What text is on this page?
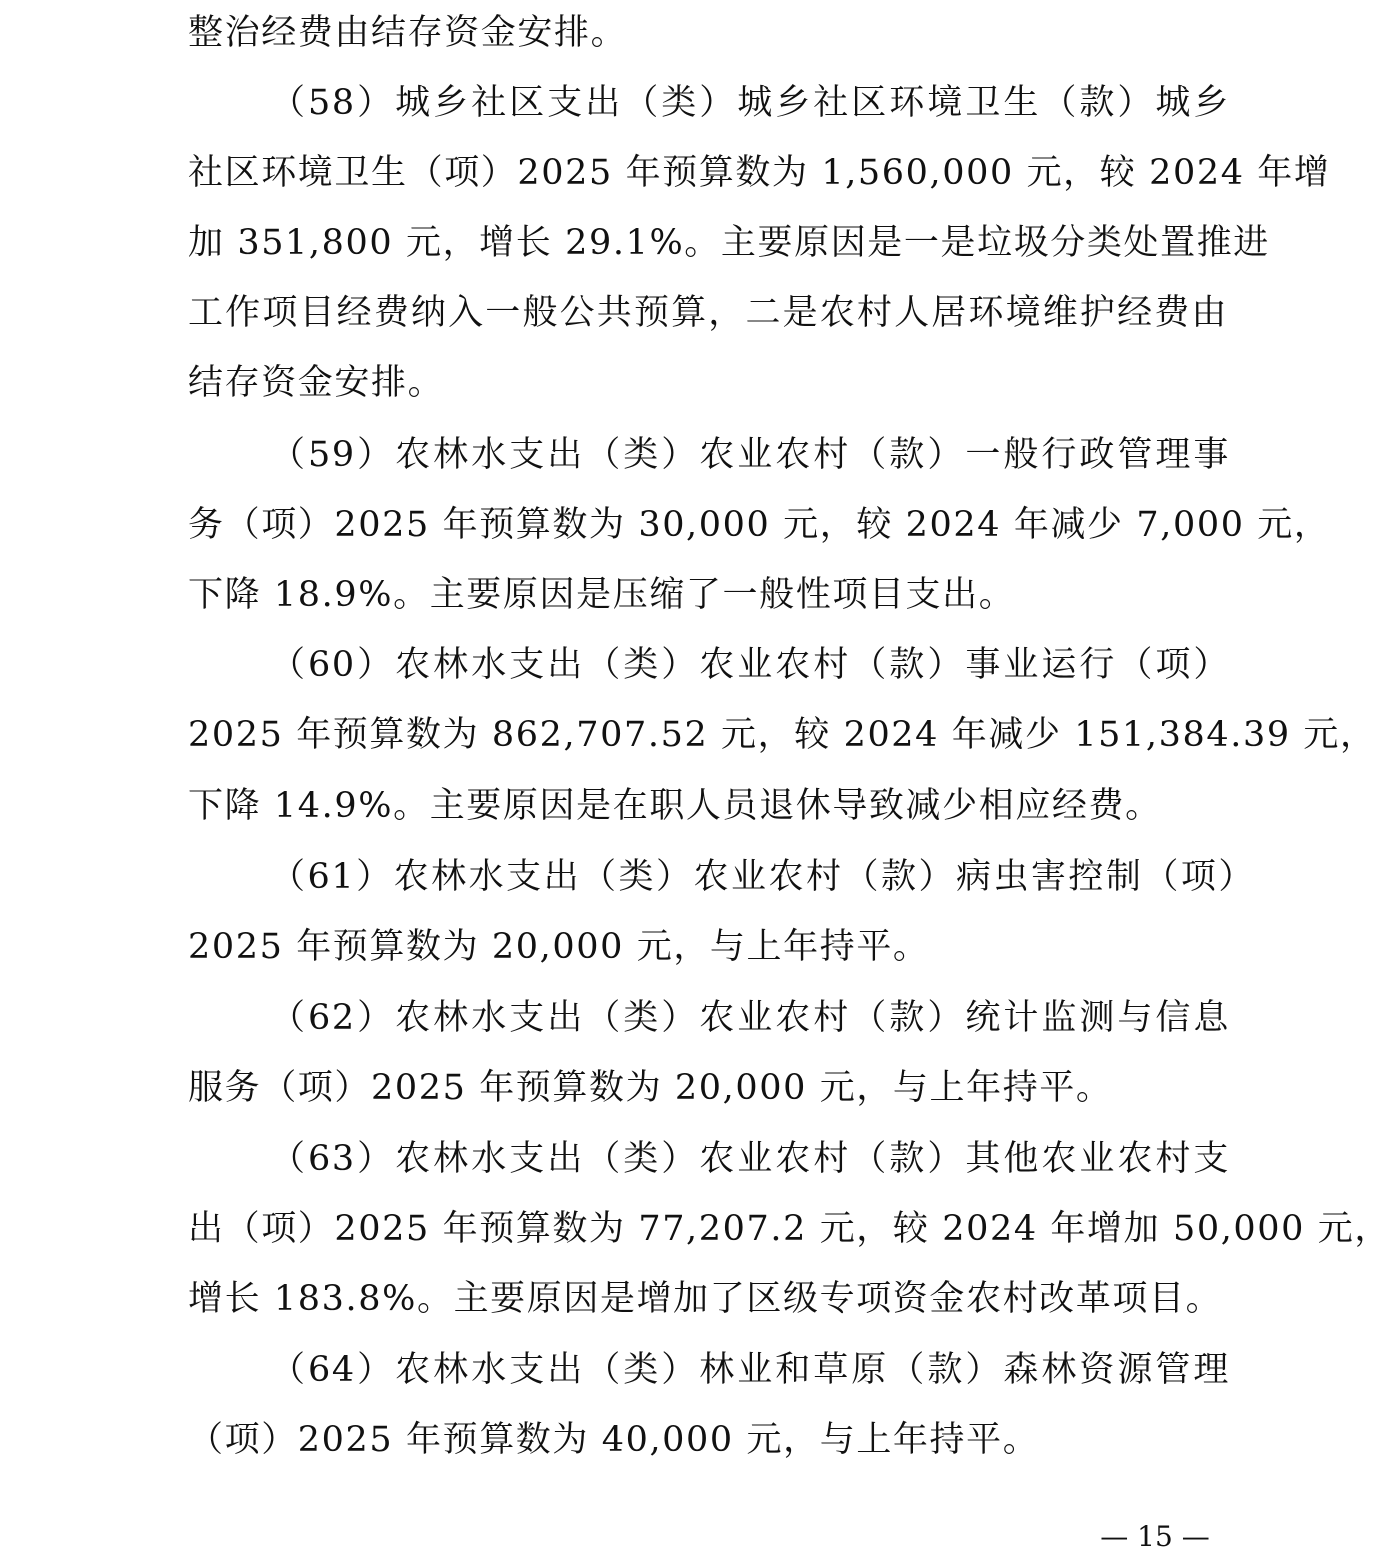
整治经费由结存资金安排。
（58）城乡社区支出（类）城乡社区环境卫生（款）城乡
社区环境卫生（项）2025 年预算数为 1,560,000 元，较 2024 年增
加 351,800 元，增长 29.1%。主要原因是一是垃圾分类处置推进
工作项目经费纳入一般公共预算，二是农村人居环境维护经费由
结存资金安排。
（59）农林水支出（类）农业农村（款）一般行政管理事
务（项）2025 年预算数为 30,000 元，较 2024 年减少 7,000 元，
下降 18.9%。主要原因是压缩了一般性项目支出。
（60）农林水支出（类）农业农村（款）事业运行（项）
2025 年预算数为 862,707.52 元，较 2024 年减少 151,384.39 元，
下降 14.9%。主要原因是在职人员退休导致减少相应经费。
（61）农林水支出（类）农业农村（款）病虫害控制（项）
2025 年预算数为 20,000 元，与上年持平。
（62）农林水支出（类）农业农村（款）统计监测与信息
服务（项）2025 年预算数为 20,000 元，与上年持平。
（63）农林水支出（类）农业农村（款）其他农业农村支
出（项）2025 年预算数为 77,207.2 元，较 2024 年增加 50,000 元，
增长 183.8%。主要原因是增加了区级专项资金农村改革项目。
（64）农林水支出（类）林业和草原（款）森林资源管理
（项）2025 年预算数为 40,000 元，与上年持平。
— 15 —
